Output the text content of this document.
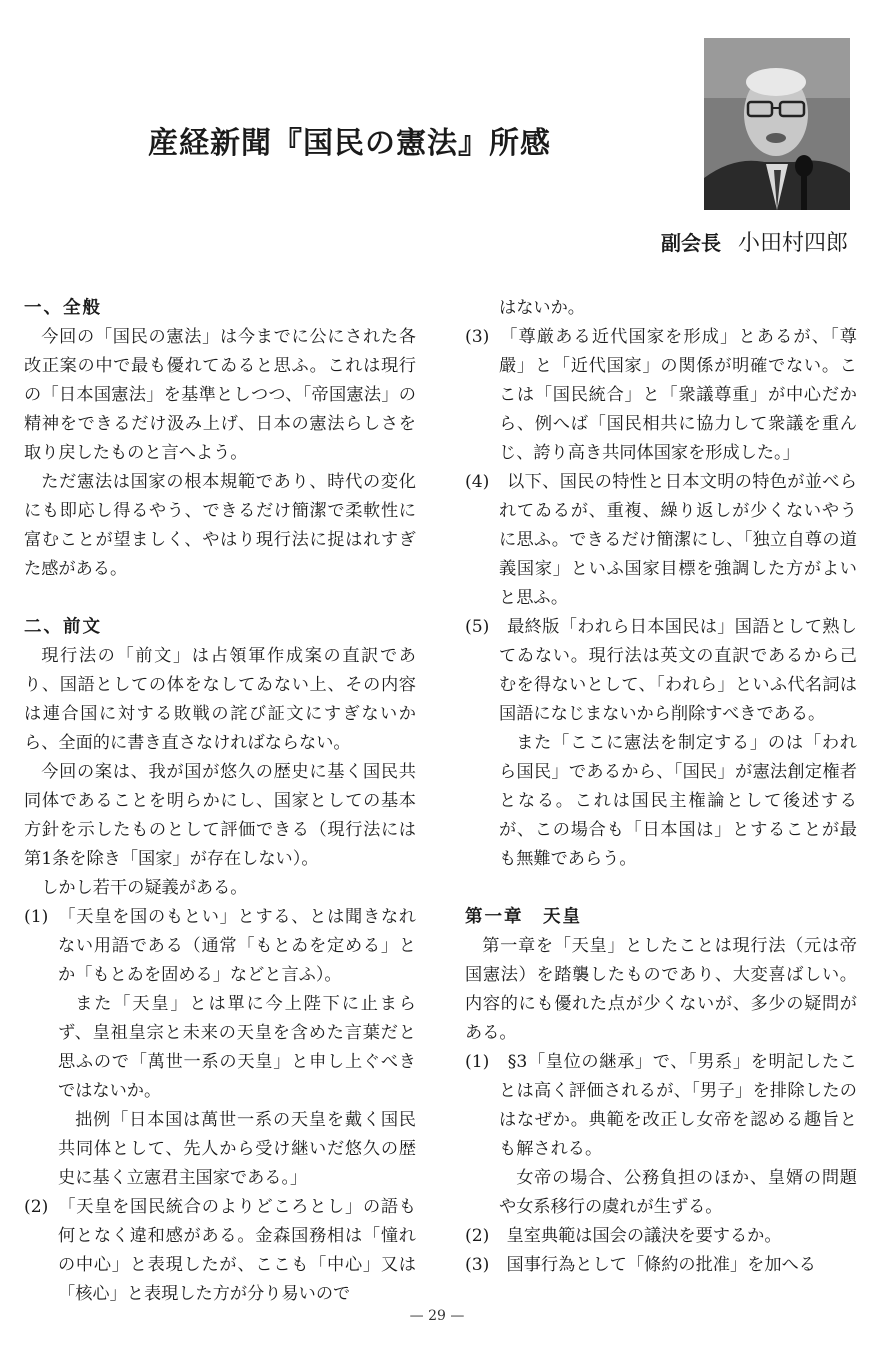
産経新聞『国民の憲法』所感
副会長 小田村四郎
一、全般
今回の「国民の憲法」は今までに公にされた各改正案の中で最も優れてゐると思ふ。これは現行の「日本国憲法」を基準としつつ、「帝国憲法」の精神をできるだけ汲み上げ、日本の憲法らしさを取り戻したものと言へよう。
ただ憲法は国家の根本規範であり、時代の変化にも即応し得るやう、できるだけ簡潔で柔軟性に富むことが望ましく、やはり現行法に捉はれすぎた感がある。
二、前文
現行法の「前文」は占領軍作成案の直訳であり、国語としての体をなしてゐない上、その内容は連合国に対する敗戦の詫び証文にすぎないから、全面的に書き直さなければならない。
今回の案は、我が国が悠久の歴史に基く国民共同体であることを明らかにし、国家としての基本方針を示したものとして評価できる（現行法には第1条を除き「国家」が存在しない）。
しかし若干の疑義がある。
(1)　「天皇を国のもとい」とする、とは聞きなれない用語である（通常「もとゐを定める」とか「もとゐを固める」などと言ふ）。
また「天皇」とは單に今上陛下に止まらず、皇祖皇宗と未来の天皇を含めた言葉だと思ふので「萬世一系の天皇」と申し上ぐべきではないか。
拙例「日本国は萬世一系の天皇を戴く国民共同体として、先人から受け継いだ悠久の歴史に基く立憲君主国家である。」
(2)　「天皇を国民統合のよりどころとし」の語も何となく違和感がある。金森国務相は「憧れの中心」と表現したが、ここも「中心」又は「核心」と表現した方が分り易いので
はないか。
(3)　「尊厳ある近代国家を形成」とあるが、「尊嚴」と「近代国家」の関係が明確でない。ここは「国民統合」と「衆議尊重」が中心だから、例へば「国民相共に協力して衆議を重んじ、誇り高き共同体国家を形成した。」
(4)　以下、国民の特性と日本文明の特色が並べられてゐるが、重複、繰り返しが少くないやうに思ふ。できるだけ簡潔にし、「独立自尊の道義国家」といふ国家目標を強調した方がよいと思ふ。
(5)　最終版「われら日本国民は」国語として熟してゐない。現行法は英文の直訳であるから己むを得ないとして、「われら」といふ代名詞は国語になじまないから削除すべきである。
また「ここに憲法を制定する」のは「われら国民」であるから、「国民」が憲法創定権者となる。これは国民主権論として後述するが、この場合も「日本国は」とすることが最も無難であらう。
第一章　天皇
第一章を「天皇」としたことは現行法（元は帝国憲法）を踏襲したものであり、大変喜ばしい。内容的にも優れた点が少くないが、多少の疑問がある。
(1)　§3「皇位の継承」で、「男系」を明記したことは高く評価されるが、「男子」を排除したのはなぜか。典範を改正し女帝を認める趣旨とも解される。
女帝の場合、公務負担のほか、皇婿の問題や女系移行の虞れが生ずる。
(2)　皇室典範は国会の議決を要するか。
(3)　国事行為として「條約の批准」を加へる
— 29 —
